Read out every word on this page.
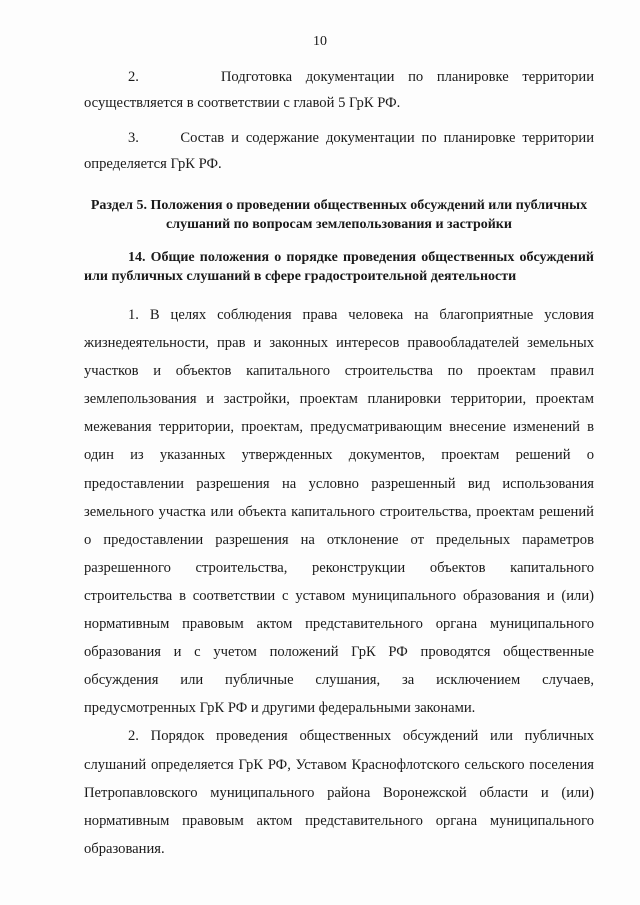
10

2.	Подготовка документации по планировке территории осуществляется в соответствии с главой 5 ГрК РФ.

3.	Состав и содержание документации по планировке территории определяется ГрК РФ.

Раздел 5. Положения о проведении общественных обсуждений или публичных слушаний по вопросам землепользования и застройки

14. Общие положения о порядке проведения общественных обсуждений или публичных слушаний в сфере градостроительной деятельности

1. В целях соблюдения права человека на благоприятные условия жизнедеятельности, прав и законных интересов правообладателей земельных участков и объектов капитального строительства по проектам правил землепользования и застройки, проектам планировки территории, проектам межевания территории, проектам, предусматривающим внесение изменений в один из указанных утвержденных документов, проектам решений о предоставлении разрешения на условно разрешенный вид использования земельного участка или объекта капитального строительства, проектам решений о предоставлении разрешения на отклонение от предельных параметров разрешенного строительства, реконструкции объектов капитального строительства в соответствии с уставом муниципального образования и (или) нормативным правовым актом представительного органа муниципального образования и с учетом положений ГрК РФ проводятся общественные обсуждения или публичные слушания, за исключением случаев, предусмотренных ГрК РФ и другими федеральными законами.

2. Порядок проведения общественных обсуждений или публичных слушаний определяется ГрК РФ, Уставом Краснофлотского сельского поселения Петропавловского муниципального района Воронежской области и (или) нормативным правовым актом представительного органа муниципального образования.
